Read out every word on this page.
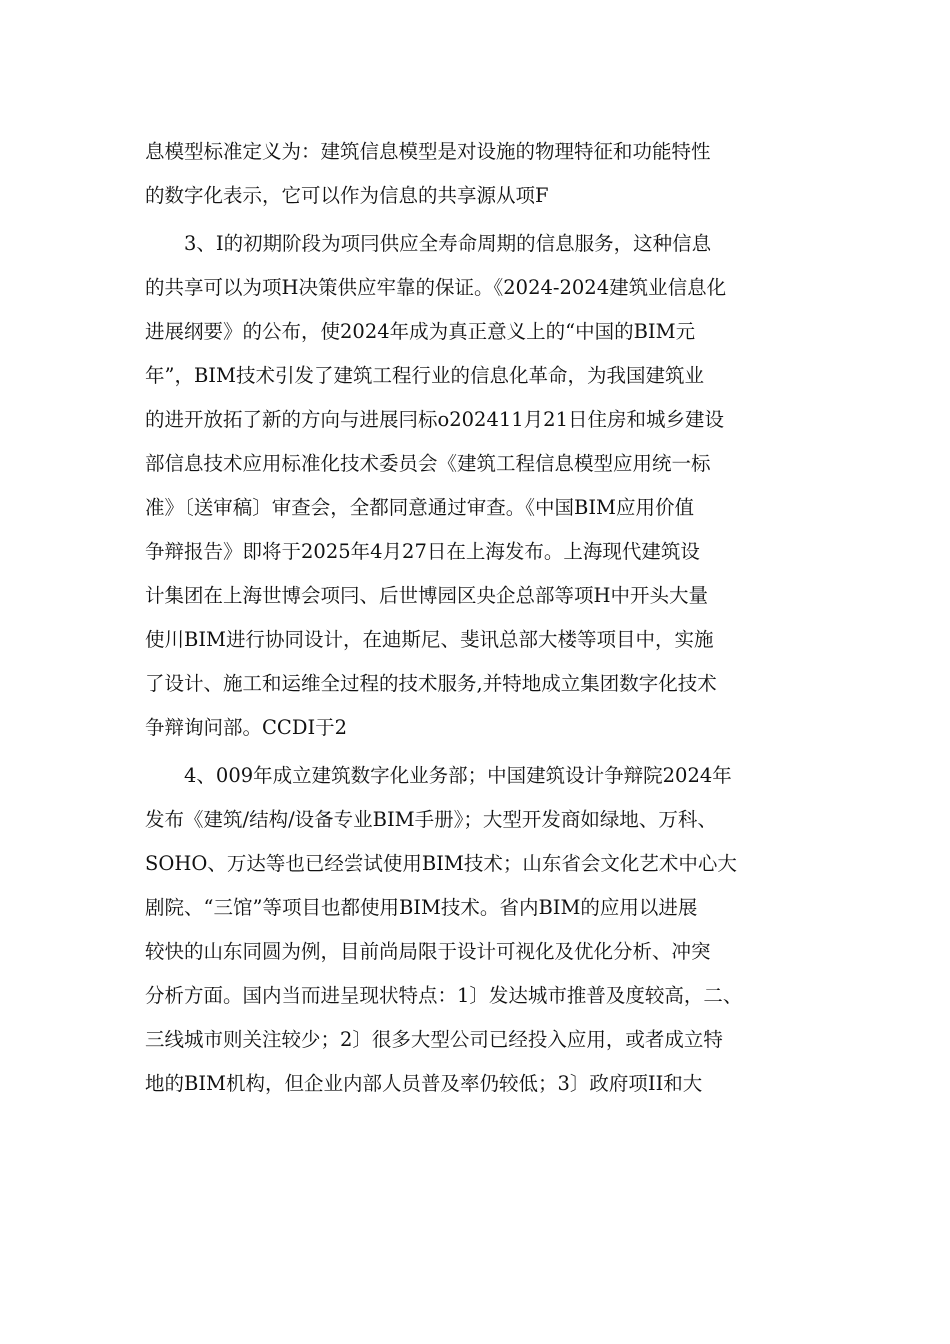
息模型标准定义为：建筑信息模型是对设施的物理特征和功能特性
的数字化表示，它可以作为信息的共享源从项F
　　3、I的初期阶段为项冃供应全寿命周期的信息服务，这种信息
的共享可以为项H决策供应牢靠的保证。《2024-2024建筑业信息化
进展纲要》的公布，使2024年成为真正意义上的“中国的BIM元
年”，BIM技术引发了建筑工程行业的信息化革命，为我国建筑业
的进开放拓了新的方向与进展冃标o202411月21日住房和城乡建设
部信息技术应用标准化技术委员会《建筑工程信息模型应用统一标
准》〔送审稿〕审查会，全都同意通过审查。《中国BIM应用价值
争辩报告》即将于2025年4月27日在上海发布。上海现代建筑设
计集团在上海世博会项冃、后世博园区央企总部等项H中开头大量
使川BIM进行协同设计，在迪斯尼、斐讯总部大楼等项目中，实施
了设计、施工和运维全过程的技术服务,并特地成立集团数字化技术
争辩询问部。CCDI于2
　　4、009年成立建筑数字化业务部；中国建筑设计争辩院2024年
发布《建筑/结构/设备专业BIM手册》；大型开发商如绿地、万科、
SOHO、万达等也已经尝试使用BIM技术；山东省会文化艺术中心大
剧院、“三馆”等项目也都使用BIM技术。省内BIM的应用以进展
较快的山东同圆为例，目前尚局限于设计可视化及优化分析、冲突
分析方面。国内当而进呈现状特点：1〕发达城市推普及度较高，二、
三线城市则关注较少；2〕很多大型公司已经投入应用，或者成立特
地的BIM机构，但企业内部人员普及率仍较低；3〕政府项II和大
